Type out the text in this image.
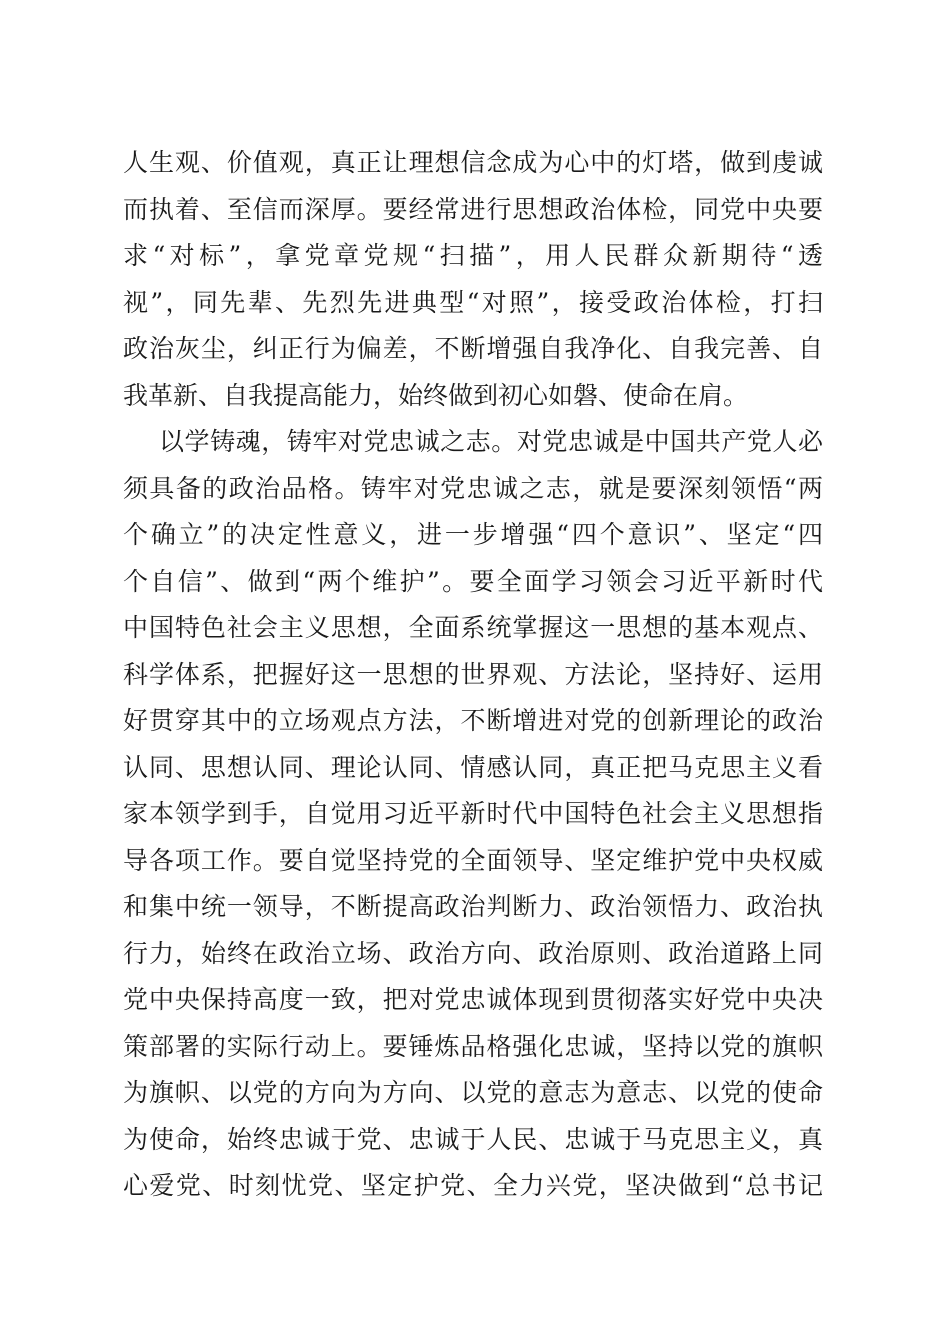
人生观、价值观，真正让理想信念成为心中的灯塔，做到虔诚
而执着、至信而深厚。要经常进行思想政治体检，同党中央要
求“对标”，拿党章党规“扫描”，用人民群众新期待“透
视”，同先辈、先烈先进典型“对照”，接受政治体检，打扫
政治灰尘，纠正行为偏差，不断增强自我净化、自我完善、自
我革新、自我提高能力，始终做到初心如磐、使命在肩。
以学铸魂，铸牢对党忠诚之志。对党忠诚是中国共产党人必
须具备的政治品格。铸牢对党忠诚之志，就是要深刻领悟“两
个确立”的决定性意义，进一步增强“四个意识”、坚定“四
个自信”、做到“两个维护”。要全面学习领会习近平新时代
中国特色社会主义思想，全面系统掌握这一思想的基本观点、
科学体系，把握好这一思想的世界观、方法论，坚持好、运用
好贯穿其中的立场观点方法，不断增进对党的创新理论的政治
认同、思想认同、理论认同、情感认同，真正把马克思主义看
家本领学到手，自觉用习近平新时代中国特色社会主义思想指
导各项工作。要自觉坚持党的全面领导、坚定维护党中央权威
和集中统一领导，不断提高政治判断力、政治领悟力、政治执
行力，始终在政治立场、政治方向、政治原则、政治道路上同
党中央保持高度一致，把对党忠诚体现到贯彻落实好党中央决
策部署的实际行动上。要锤炼品格强化忠诚，坚持以党的旗帜
为旗帜、以党的方向为方向、以党的意志为意志、以党的使命
为使命，始终忠诚于党、忠诚于人民、忠诚于马克思主义，真
心爱党、时刻忧党、坚定护党、全力兴党，坚决做到“总书记
